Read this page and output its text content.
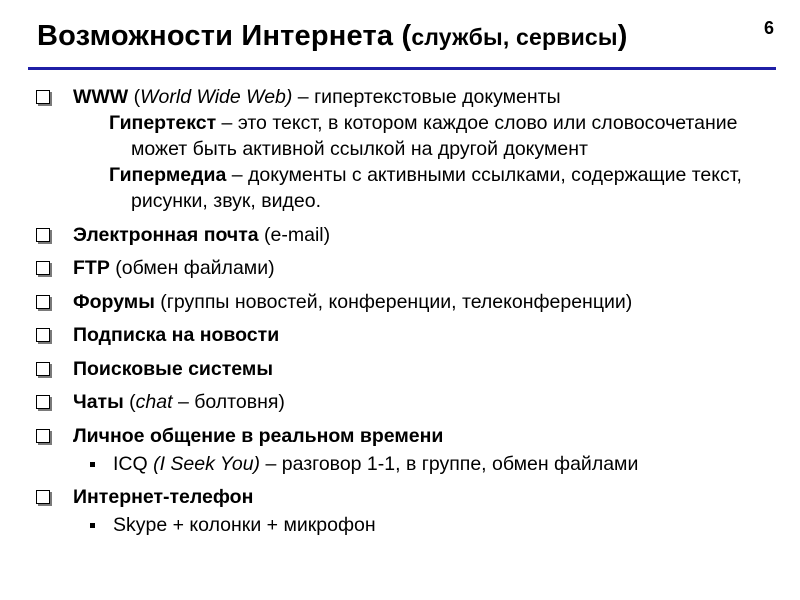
6
Возможности Интернета (службы, сервисы)
WWW (World Wide Web) – гипертекстовые документы
Гипертекст – это текст, в котором каждое слово или словосочетание может быть активной ссылкой на другой документ
Гипермедиа – документы с активными ссылками, содержащие текст, рисунки, звук, видео.
Электронная почта (e-mail)
FTP (обмен файлами)
Форумы (группы новостей, конференции, телеконференции)
Подписка на новости
Поисковые системы
Чаты (chat – болтовня)
Личное общение в реальном времени
ICQ (I Seek You) – разговор 1-1, в группе, обмен файлами
Интернет-телефон
Skype + колонки + микрофон
